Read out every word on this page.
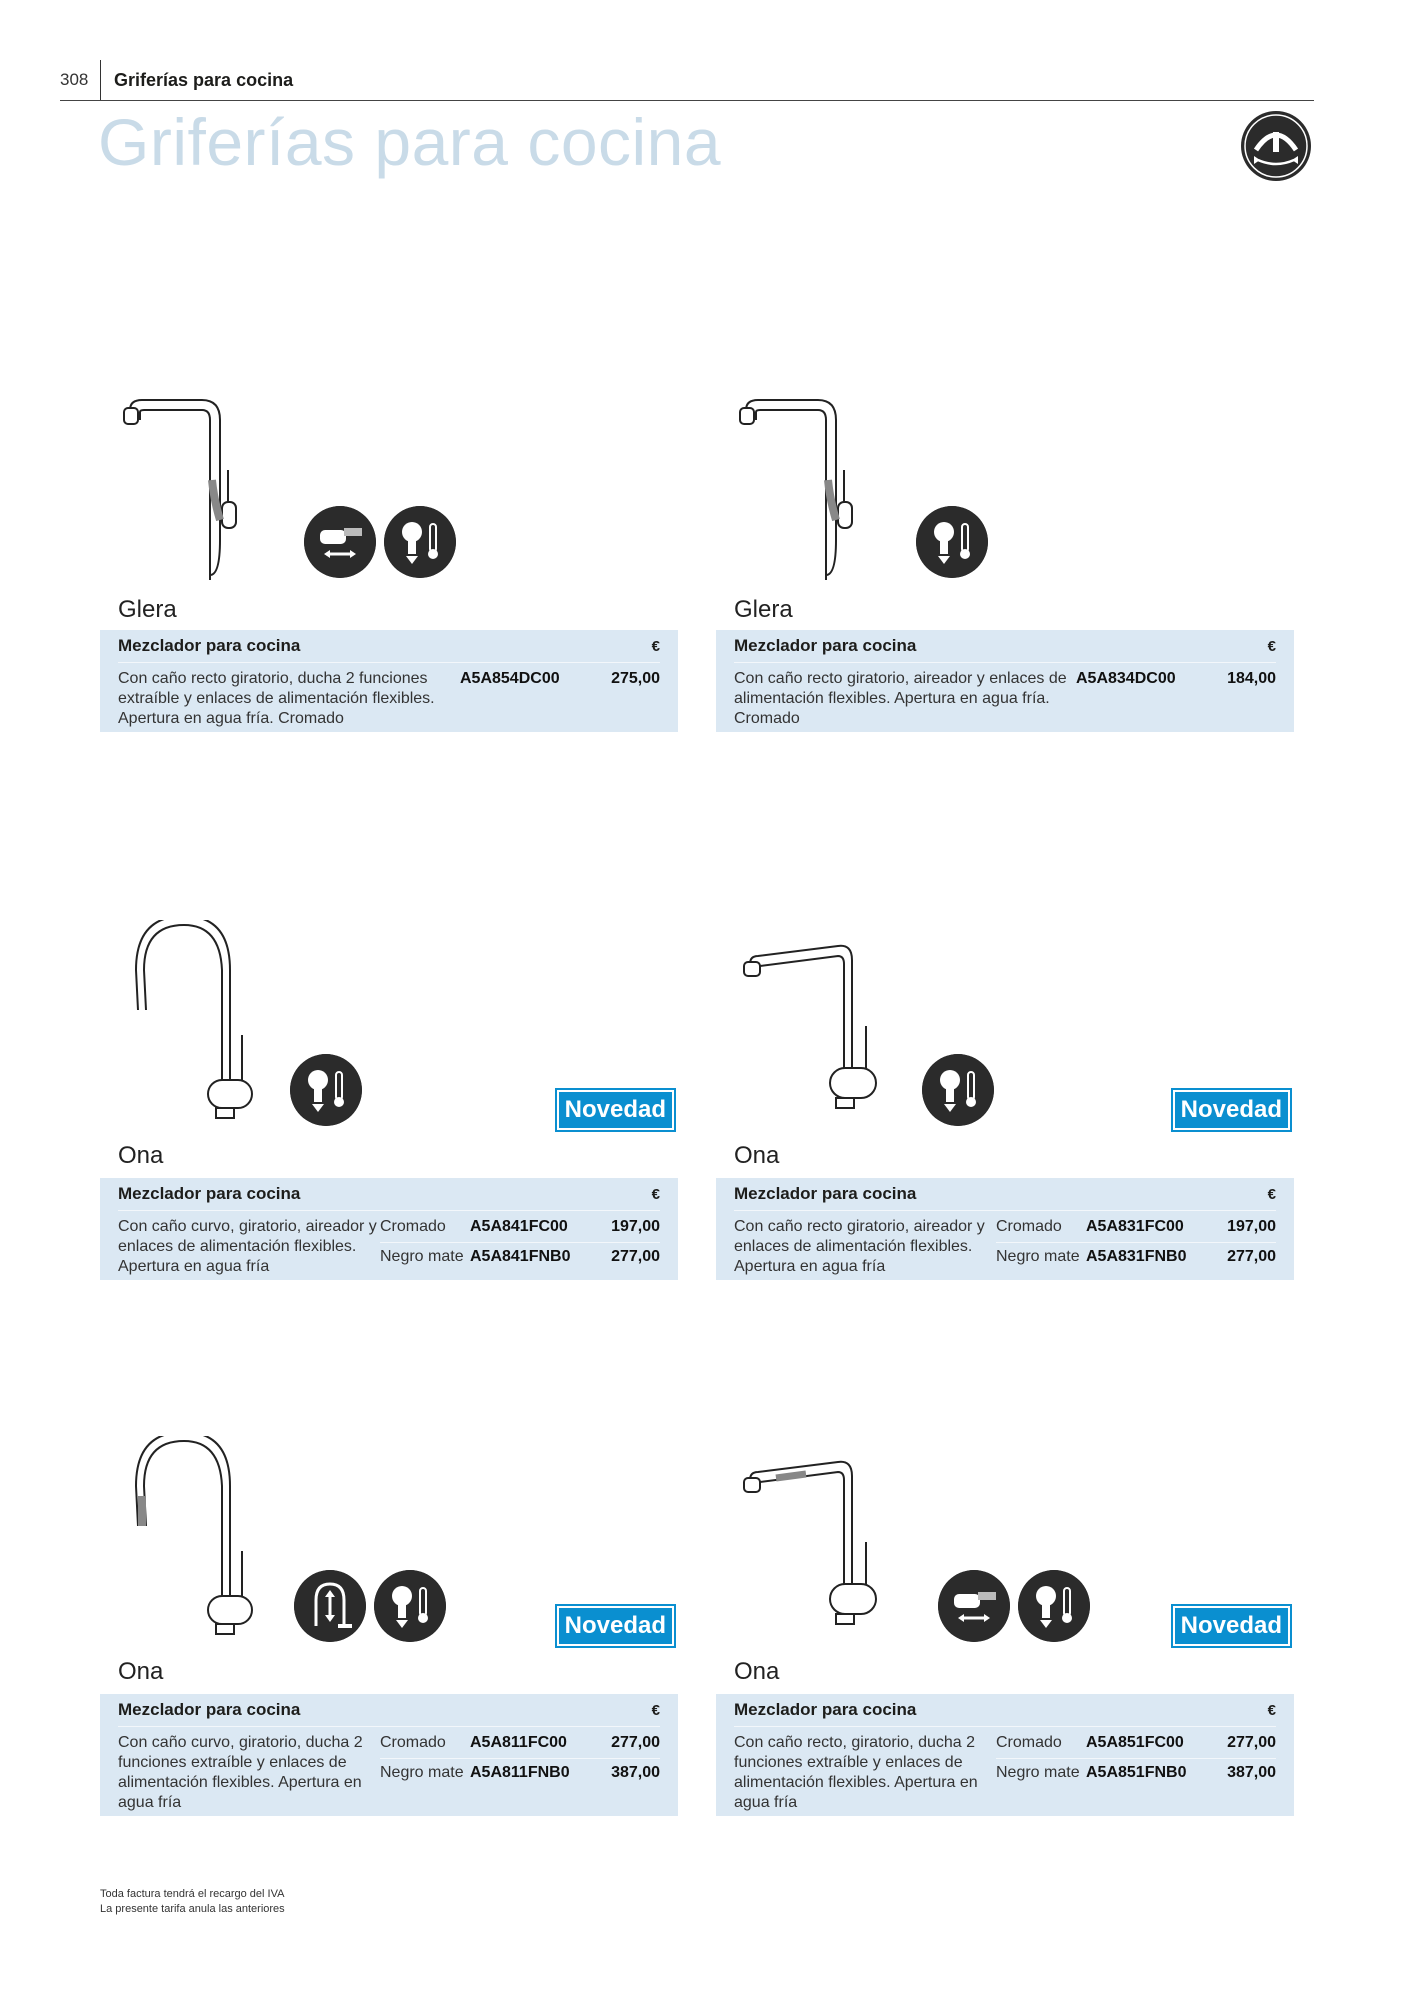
308 Griferías para cocina
Griferías para cocina
Glera
Mezclador para cocina	€
Con caño recto giratorio, ducha 2 funciones extraíble y enlaces de alimentación flexibles. Apertura en agua fría. Cromado
A5A854DC00	275,00
Glera
Mezclador para cocina	€
Con caño recto giratorio, aireador y enlaces de alimentación flexibles. Apertura en agua fría. Cromado
A5A834DC00	184,00
Novedad
Ona
Mezclador para cocina	€
Con caño curvo, giratorio, aireador y enlaces de alimentación flexibles. Apertura en agua fría
Cromado	A5A841FC00	197,00
Negro mate A5A841FNB0	277,00
Novedad
Ona
Mezclador para cocina	€
Con caño recto giratorio, aireador y enlaces de alimentación flexibles. Apertura en agua fría
Cromado	A5A831FC00	197,00
Negro mate A5A831FNB0	277,00
Novedad
Ona
Mezclador para cocina	€
Con caño curvo, giratorio, ducha 2 funciones extraíble y enlaces de alimentación flexibles. Apertura en agua fría
Cromado	A5A811FC00	277,00
Negro mate A5A811FNB0	387,00
Novedad
Ona
Mezclador para cocina	€
Con caño recto, giratorio, ducha 2 funciones extraíble y enlaces de alimentación flexibles. Apertura en agua fría
Cromado	A5A851FC00	277,00
Negro mate A5A851FNB0	387,00
Toda factura tendrá el recargo del IVA
La presente tarifa anula las anteriores
